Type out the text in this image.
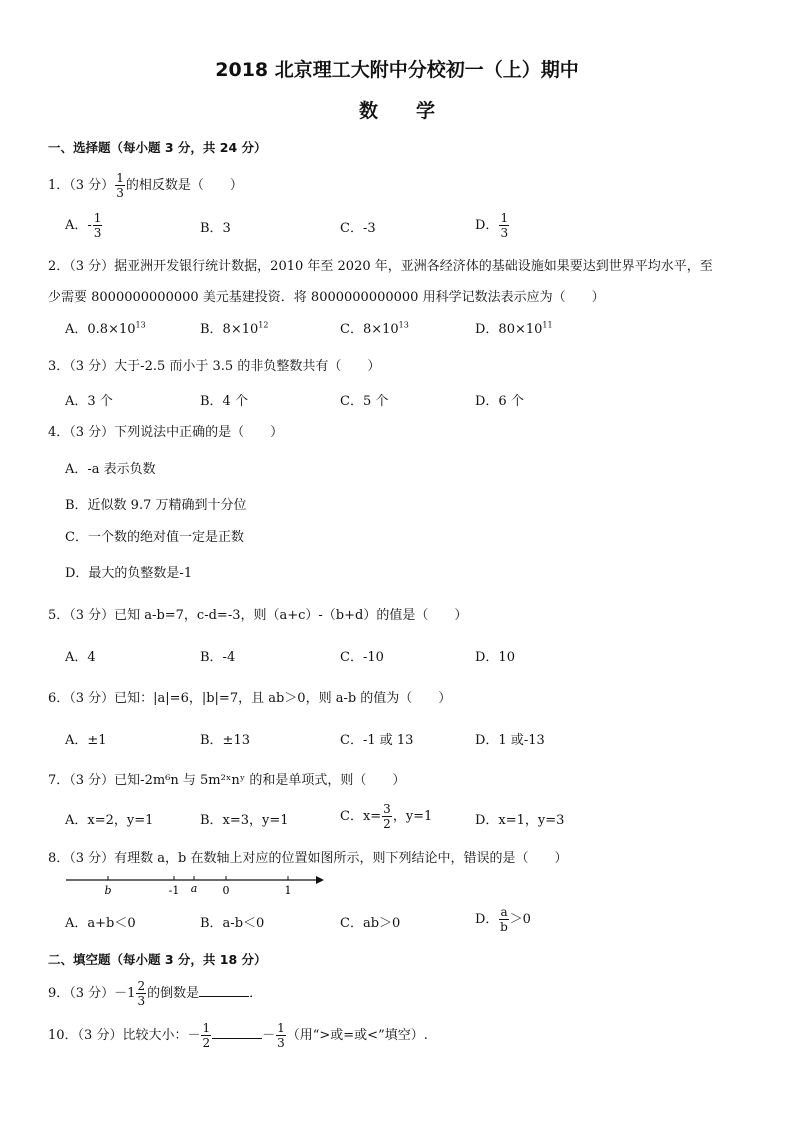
2018 北京理工大附中分校初一（上）期中
数学
一、选择题（每小题 3 分，共 24 分）
1．（3 分） $\frac{1}{3}$ 的相反数是（　　）
A．- $\frac{1}{3}$	B．3	C．-3	D． $\frac{1}{3}$
2．（3 分）据亚洲开发银行统计数据，2010 年至 2020 年，亚洲各经济体的基础设施如果要达到世界平均水平，至
少需要 8000000000000 美元基建投资．将 8000000000000 用科学记数法表示应为（　　）
A．$0.8\times 10^{13}$	B．$8\times 10^{12}$	C．$8\times 10^{13}$	D．$80\times 10^{11}$
3．（3 分）大于-2.5 而小于 3.5 的非负整数共有（　　）
A．3 个	B．4 个	C．5 个	D．6 个
4．（3 分）下列说法中正确的是（　　）
A．-a 表示负数
B．近似数 9.7 万精确到十分位
C．一个数的绝对值一定是正数
D．最大的负整数是-1
5．（3 分）已知 a-b=7，c-d=-3，则（a+c）-（b+d）的值是（　　）
A．4	B．-4	C．-10	D．10
6．（3 分）已知：|a|=6，|b|=7，且 ab＞0，则 a-b 的值为（　　）
A．±1	B．±13	C．-1 或 13	D．1 或-13
7．（3 分）已知-2m⁶n 与 5m²ˣnʸ 的和是单项式，则（　　）
A．x=2，y=1	B．x=3，y=1	C．$x= \frac{3}{2}$ ，y=1	D．x=1，y=3
8．（3 分）有理数 a，b 在数轴上对应的位置如图所示，则下列结论中，错误的是（　　）
b	-1 a 0	1
A．a+b＜0	B．a-b＜0	C．ab＞0	D． $\frac{a}{b} >0$
二、填空题（每小题 3 分，共 18 分）
9．（3 分）$-1 \frac{2}{3}$ 的倒数是	．
10．（3 分）比较大小：－ $\frac{1}{2}$	－ $\frac{1}{3}$ （用“>或=或<”填空）.
